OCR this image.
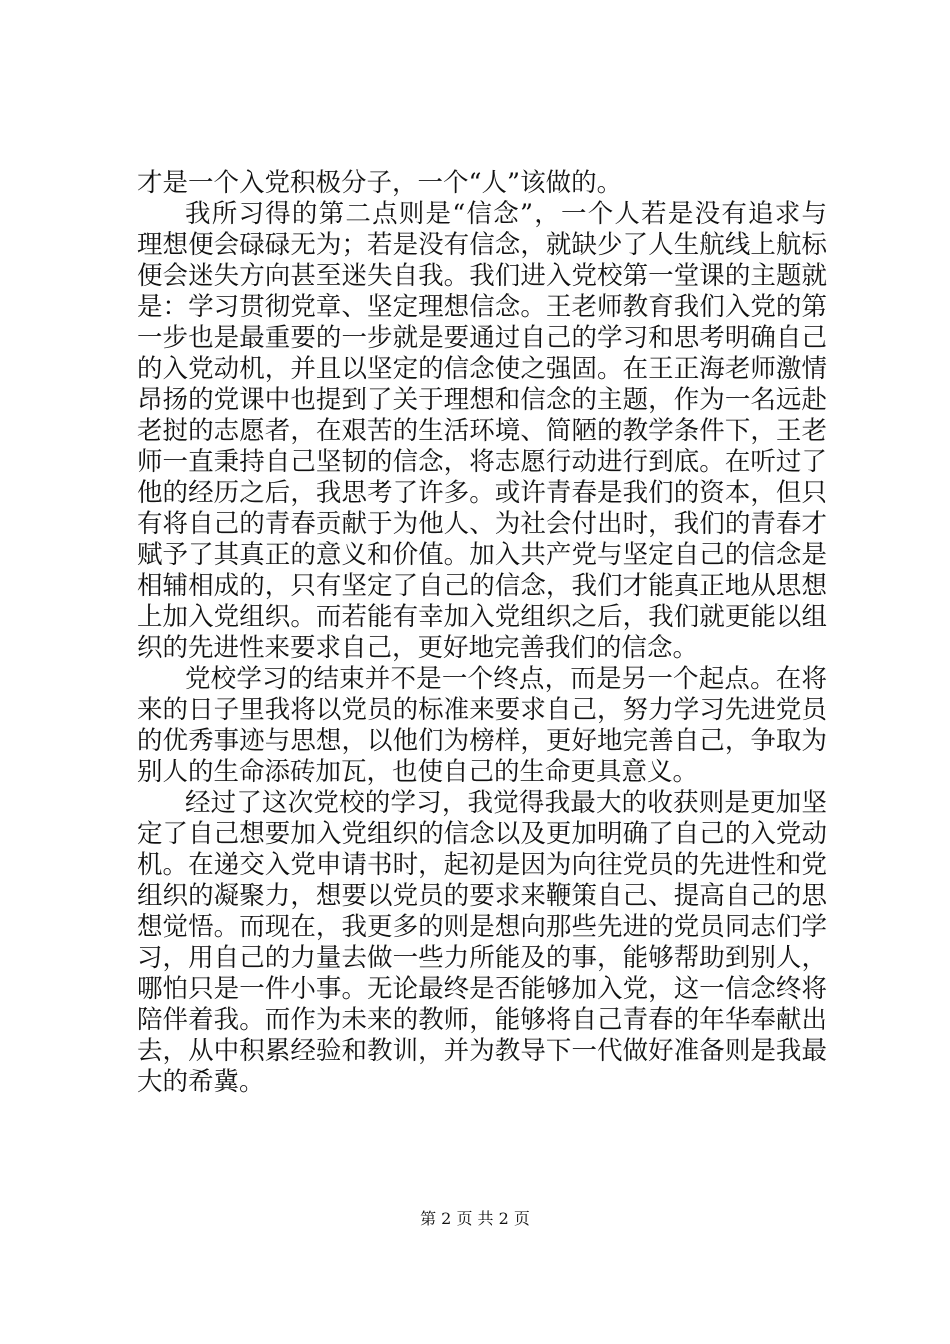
才是一个入党积极分子，一个“人”该做的。
我所习得的第二点则是“信念”，一个人若是没有追求与
理想便会碌碌无为；若是没有信念，就缺少了人生航线上航标
便会迷失方向甚至迷失自我。我们进入党校第一堂课的主题就
是：学习贯彻党章、坚定理想信念。王老师教育我们入党的第
一步也是最重要的一步就是要通过自己的学习和思考明确自己
的入党动机，并且以坚定的信念使之强固。在王正海老师激情
昂扬的党课中也提到了关于理想和信念的主题，作为一名远赴
老挝的志愿者，在艰苦的生活环境、简陋的教学条件下，王老
师一直秉持自己坚韧的信念，将志愿行动进行到底。在听过了
他的经历之后，我思考了许多。或许青春是我们的资本，但只
有将自己的青春贡献于为他人、为社会付出时，我们的青春才
赋予了其真正的意义和价值。加入共产党与坚定自己的信念是
相辅相成的，只有坚定了自己的信念，我们才能真正地从思想
上加入党组织。而若能有幸加入党组织之后，我们就更能以组
织的先进性来要求自己，更好地完善我们的信念。
党校学习的结束并不是一个终点，而是另一个起点。在将
来的日子里我将以党员的标准来要求自己，努力学习先进党员
的优秀事迹与思想，以他们为榜样，更好地完善自己，争取为
别人的生命添砖加瓦，也使自己的生命更具意义。
经过了这次党校的学习，我觉得我最大的收获则是更加坚
定了自己想要加入党组织的信念以及更加明确了自己的入党动
机。在递交入党申请书时，起初是因为向往党员的先进性和党
组织的凝聚力，想要以党员的要求来鞭策自己、提高自己的思
想觉悟。而现在，我更多的则是想向那些先进的党员同志们学
习，用自己的力量去做一些力所能及的事，能够帮助到别人，
哪怕只是一件小事。无论最终是否能够加入党，这一信念终将
陪伴着我。而作为未来的教师，能够将自己青春的年华奉献出
去，从中积累经验和教训，并为教导下一代做好准备则是我最
大的希冀。
第 2 页 共 2 页
